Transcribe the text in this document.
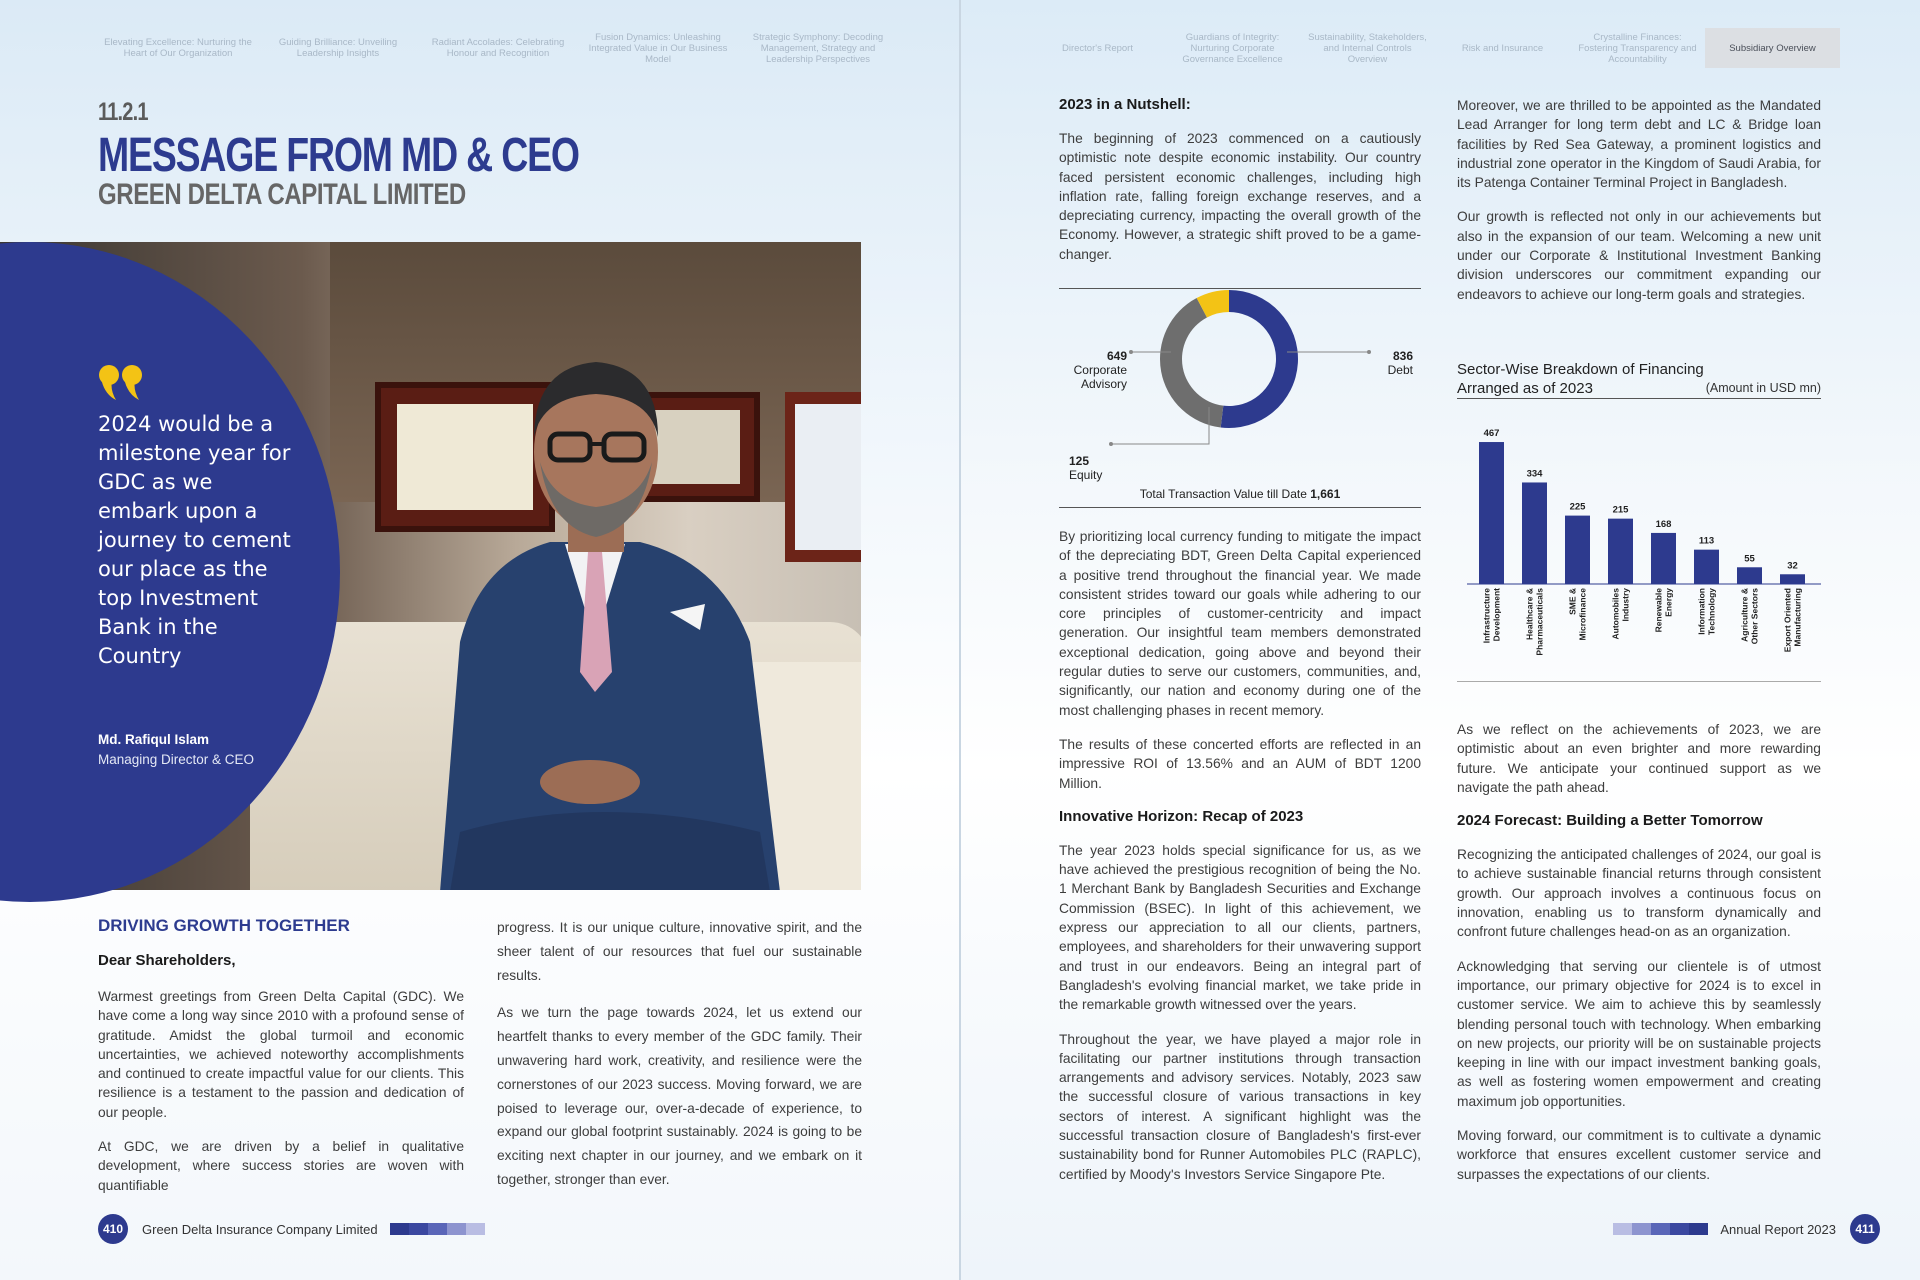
Elevating Excellence: Nurturing the Heart of Our Organization
Guiding Brilliance: Unveiling Leadership Insights
Radiant Accolades: Celebrating Honour and Recognition
Fusion Dynamics: Unleashing Integrated Value in Our Business Model
Strategic Symphony: Decoding Management, Strategy and Leadership Perspectives
11.2.1
MESSAGE FROM MD & CEO
GREEN DELTA CAPITAL LIMITED
2024 would be a milestone year for GDC as we embark upon a journey to cement our place as the top Investment Bank in the Country
Md. Rafiqul Islam
Managing Director & CEO
DRIVING GROWTH TOGETHER
Dear Shareholders,

Warmest greetings from Green Delta Capital (GDC). We have come a long way since 2010 with a profound sense of gratitude. Amidst the global turmoil and economic uncertainties, we achieved noteworthy accomplishments and continued to create impactful value for our clients. This resilience is a testament to the passion and dedication of our people.

At GDC, we are driven by a belief in qualitative development, where success stories are woven with quantifiable

progress. It is our unique culture, innovative spirit, and the sheer talent of our resources that fuel our sustainable results.

As we turn the page towards 2024, let us extend our heartfelt thanks to every member of the GDC family. Their unwavering hard work, creativity, and resilience were the cornerstones of our 2023 success. Moving forward, we are poised to leverage our, over-a-decade of experience, to expand our global footprint sustainably. 2024 is going to be exciting next chapter in our journey, and we embark on it together, stronger than ever.

410	Green Delta Insurance Company Limited
Director's Report
Guardians of Integrity: Nurturing Corporate Governance Excellence
Sustainability, Stakeholders, and Internal Controls Overview
Risk and Insurance
Crystalline Finances: Fostering Transparency and Accountability
Subsidiary Overview
2023 in a Nutshell:

The beginning of 2023 commenced on a cautiously optimistic note despite economic instability. Our country faced persistent economic challenges, including high inflation rate, falling foreign exchange reserves, and a depreciating currency, impacting the overall growth of the Economy. However, a strategic shift proved to be a game-changer.

836
Debt
649
Corporate Advisory
125
Equity
Total Transaction Value till Date 1,661

By prioritizing local currency funding to mitigate the impact of the depreciating BDT, Green Delta Capital experienced a positive trend throughout the financial year. We made consistent strides toward our goals while adhering to our core principles of customer-centricity and impact generation. Our insightful team members demonstrated exceptional dedication, going above and beyond their regular duties to serve our customers, communities, and, significantly, our nation and economy during one of the most challenging phases in recent memory.

The results of these concerted efforts are reflected in an impressive ROI of 13.56% and an AUM of BDT 1200 Million.

Innovative Horizon: Recap of 2023

The year 2023 holds special significance for us, as we have achieved the prestigious recognition of being the No. 1 Merchant Bank by Bangladesh Securities and Exchange Commission (BSEC). In light of this achievement, we express our appreciation to all our clients, partners, employees, and shareholders for their unwavering support and trust in our endeavors. Being an integral part of Bangladesh's evolving financial market, we take pride in the remarkable growth witnessed over the years.

Throughout the year, we have played a major role in facilitating our partner institutions through transaction arrangements and advisory services. Notably, 2023 saw the successful closure of various transactions in key sectors of interest. A significant highlight was the successful transaction closure of Bangladesh's first-ever sustainability bond for Runner Automobiles PLC (RAPLC), certified by Moody's Investors Service Singapore Pte.

Moreover, we are thrilled to be appointed as the Mandated Lead Arranger for long term debt and LC & Bridge loan facilities by Red Sea Gateway, a prominent logistics and industrial zone operator in the Kingdom of Saudi Arabia, for its Patenga Container Terminal Project in Bangladesh.

Our growth is reflected not only in our achievements but also in the expansion of our team. Welcoming a new unit under our Corporate & Institutional Investment Banking division underscores our commitment expanding our endeavors to achieve our long-term goals and strategies.

Sector-Wise Breakdown of Financing Arranged as of 2023	(Amount in USD mn)
467
Infrastructure Development
334
Healthcare & Pharmaceuticals
225
SME & Microfinance
215
Automobiles Industry
168
Renewable Energy
113
Information Technology
55
Agriculture & Other Sectors
32
Export Oriented Manufacturing

As we reflect on the achievements of 2023, we are optimistic about an even brighter and more rewarding future. We anticipate your continued support as we navigate the path ahead.

2024 Forecast: Building a Better Tomorrow

Recognizing the anticipated challenges of 2024, our goal is to achieve sustainable financial returns through consistent growth. Our approach involves a continuous focus on innovation, enabling us to transform dynamically and confront future challenges head-on as an organization.

Acknowledging that serving our clientele is of utmost importance, our primary objective for 2024 is to excel in customer service. We aim to achieve this by seamlessly blending personal touch with technology. When embarking on new projects, our priority will be on sustainable projects keeping in line with our impact investment banking goals, as well as fostering women empowerment and creating maximum job opportunities.

Moving forward, our commitment is to cultivate a dynamic workforce that ensures excellent customer service and surpasses the expectations of our clients.

Annual Report 2023	411
